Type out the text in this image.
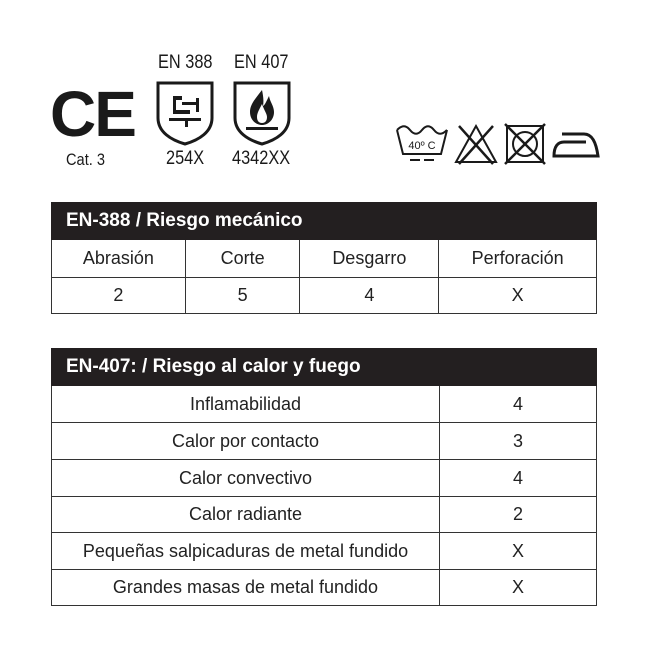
CE
Cat. 3
EN 388
254X
EN 407
4342XX
40º C
EN-388 / Riesgo mecánico			
Abrasión	Corte	Desgarro	Perforación
2	5	4	X
EN-407: / Riesgo al calor y fuego	
Inflamabilidad	4
Calor por contacto	3
Calor convectivo	4
Calor radiante	2
Pequeñas salpicaduras de metal fundido	X
Grandes masas de metal fundido	X
